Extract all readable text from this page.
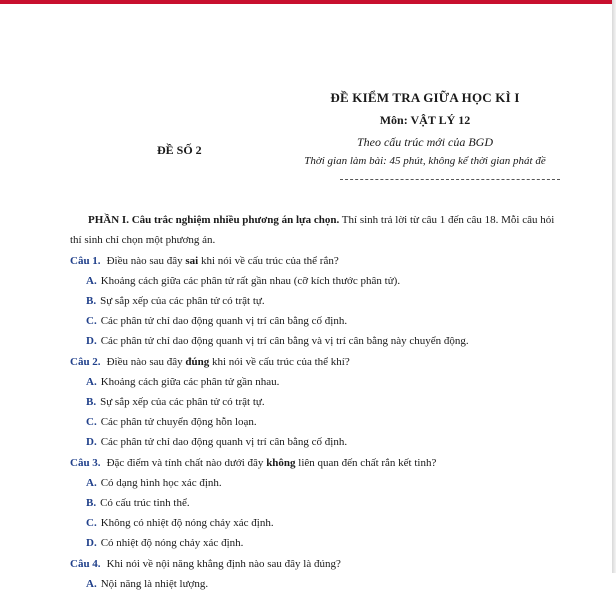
ĐỀ KIỂM TRA GIỮA HỌC KÌ I
Môn: VẬT LÝ 12
Theo cấu trúc mới của BGD
Thời gian làm bài: 45 phút, không kể thời gian phát đề
ĐỀ SỐ 2

PHẦN I. Câu trắc nghiệm nhiều phương án lựa chọn. Thí sinh trả lời từ câu 1 đến câu 18. Mỗi câu hỏi thí sinh chỉ chọn một phương án.

Câu 1. Điều nào sau đây sai khi nói về cấu trúc của thể rắn?
A. Khoảng cách giữa các phân tử rất gần nhau (cỡ kích thước phân tử).
B. Sự sắp xếp của các phân tử có trật tự.
C. Các phân tử chỉ dao động quanh vị trí cân bằng cố định.
D. Các phân tử chỉ dao động quanh vị trí cân bằng và vị trí cân bằng này chuyển động.
Câu 2. Điều nào sau đây đúng khi nói về cấu trúc của thể khí?
A. Khoảng cách giữa các phân tử gần nhau.
B. Sự sắp xếp của các phân tử có trật tự.
C. Các phân tử chuyển động hỗn loạn.
D. Các phân tử chỉ dao động quanh vị trí cân bằng cố định.
Câu 3. Đặc điểm và tính chất nào dưới đây không liên quan đến chất rắn kết tinh?
A. Có dạng hình học xác định.
B. Có cấu trúc tinh thể.
C. Không có nhiệt độ nóng chảy xác định.
D. Có nhiệt độ nóng chảy xác định.
Câu 4. Khi nói về nội năng khẳng định nào sau đây là đúng?
A. Nội năng là nhiệt lượng.
